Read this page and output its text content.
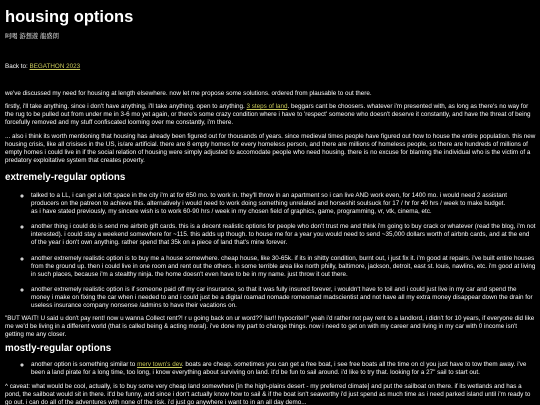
housing options

呵喝 游想遊 龍盛朗

Back to: BEGATHON 2023

we've discussed my need for housing at length elsewhere. now let me propose some solutions. ordered from plausable to out there.

firstly, i'll take anything. since i don't have anything, i'll take anything. open to anything. 3 steps of land. beggars cant be choosers. whatever i'm presented with, as long as there's no way for the rug to be pulled out from under me in 3-6 mo yet again, or there's some crazy condition where i have to 'respect' someone who doesn't deserve it constantly, and have the threat of being forcefully removed and my stuff confiscated looming over me constantly, i'm there.

... also i think its worth mentioning that housing has already been figured out for thousands of years. since medieval times people have figured out how to house the entire population. this new housing crisis, like all crisises in the US, is/are artificial. there are 8 empty homes for every homeless person, and there are millions of homeless people, so there are hundreds of millions of empty homes i could live in if the social relation of housing were simply adjusted to accomodate people who need housing. there is no excuse for blaming the individual who is the victim of a predatory exploitative system that creates poverty.

extremely-regular options
◦ talked to a LL, i can get a loft space in the city i'm at for 650 mo. to work in. they'll throw in an apartment so i can live AND work even, for 1400 mo. i would need 2 assistant producers on the patreon to achieve this. alternatively i would need to work doing something unrelated and horseshit soulsuck for 17 / hr for 40 hrs / week to make budget.
as i have stated previously, my sincere wish is to work 60-90 hrs / week in my chosen field of graphics, game, programming, vr, vtk, cinema, etc.
◦ another thing i could do is send me airbnb gift cards. this is a decent realistic options for people who don't trust me and think i'm going to buy crack or whatever (read the blog, i'm not interested). i could stay a weekend somewhere for ~115. this adds up though. to house me for a year you would need to send ~35,000 dollars worth of airbnb cards, and at the end of the year i don't own anything. rather spend that 35k on a piece of land that's mine forever.
◦ another extremely realistic option is to buy me a house somewhere. cheap house, like 30-65k. if its in shitty condition, burnt out, i just fix it. i'm good at repairs. i've built entire houses from the ground up. then i could live in one room and rent out the others. in some terrible area like north philly, baltimore, jackson, detroit, east st. louis, nawlins, etc. i'm good at living in such places, because i'm a stealthy ninja. the home doesn't even have to be in my name. just throw it out there.
◦ another extremely realistic option is if someone paid off my car insurance, so that it was fully insured forever, i wouldn't have to toil and i could just live in my car and spend the money i make on fixing the car when i needed to and i could just be a digital roamad nomade romeomad madscientist and not have all my extra money disappear down the drain for useless insurance company nonsense /admins to have their vacations on.

"BUT WAIT! U said u don't pay rent! now u wanna Collect rent?! r u going back on ur word?? liar!! hypocrite!!" yeah i'd rather not pay rent to a landlord, i didn't for 10 years, if everyone did like me we'd be living in a different world (that is called being & acting moral). i've done my part to change things. now i need to get on with my career and living in my car with 0 income isn't getting me any closer.

mostly-regular options
◦ another option is something similar to merv town's dev. boats are cheap. sometimes you can get a free boat, i see free boats all the time on cl you just have to tow them away. i've been a land pirate for a long time, too long, i know everything about surviving on land. it'd be fun to sail around. i'd like to try that. looking for a 27" sail to start out.

^ caveat: what would be cool, actually, is to buy some very cheap land somewhere [in the high-plains desert - my preferred climate] and put the sailboat on there. if its wetlands and has a pond, the sailboat would sit in there. it'd be funny, and since i don't actually know how to sail & if the boat isn't seaworthy i'd just spend as much time as i need parked island until i'm ready to go out. i can do all of the adventures with none of the risk. i'd just go anywhere i want to in an all day demo...
